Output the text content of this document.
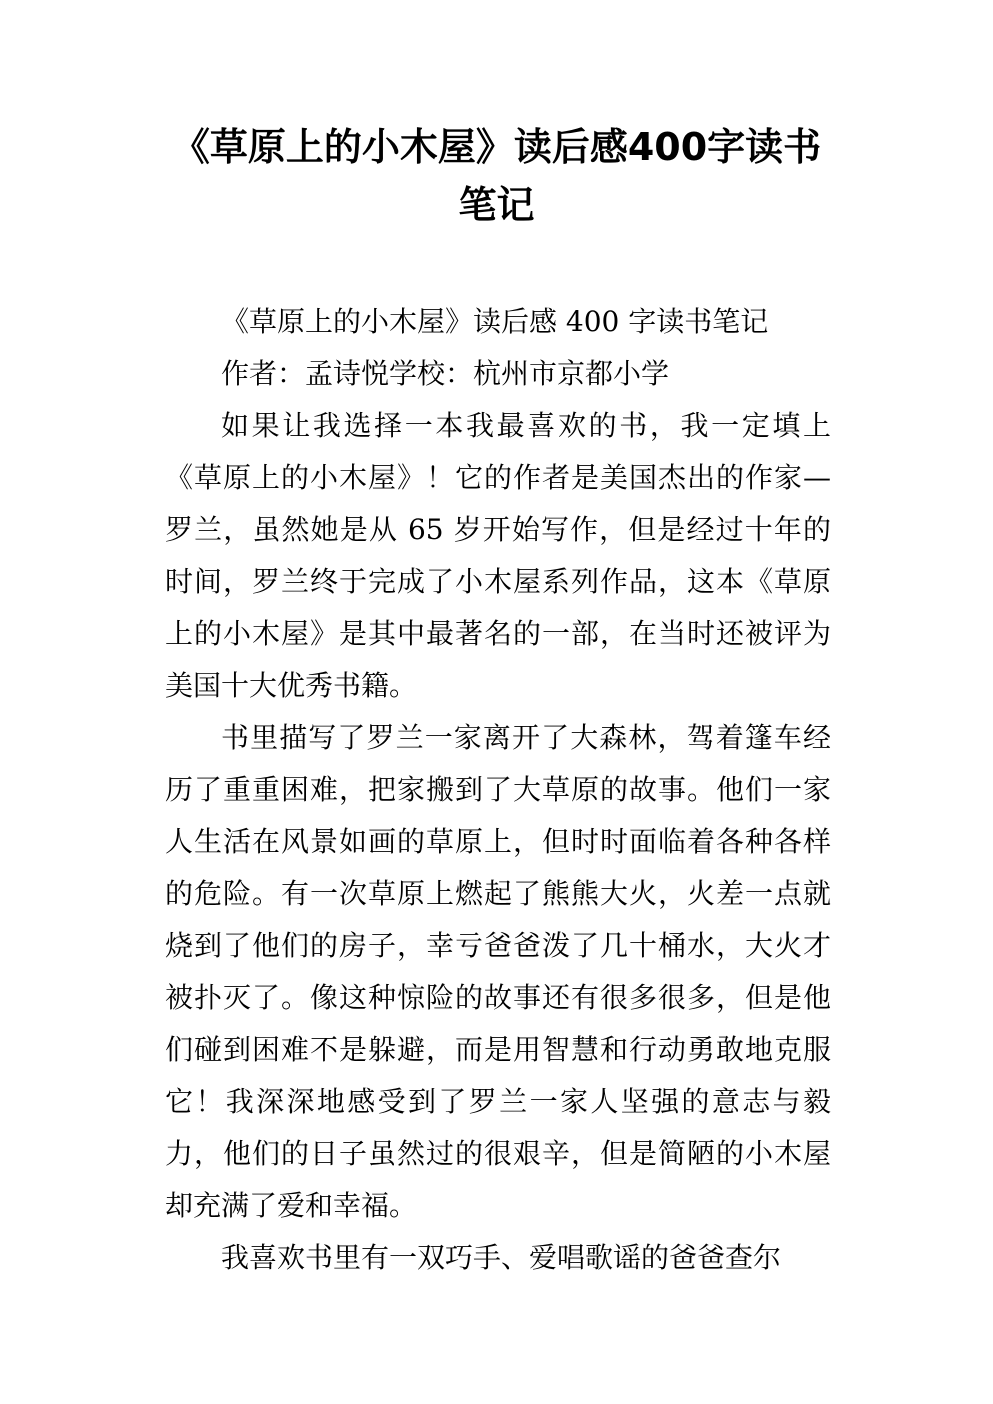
《草原上的小木屋》读后感400字读书笔记

《草原上的小木屋》读后感 400 字读书笔记

作者：孟诗悦学校：杭州市京都小学

如果让我选择一本我最喜欢的书，我一定填上《草原上的小木屋》！它的作者是美国杰出的作家—罗兰，虽然她是从 65 岁开始写作，但是经过十年的时间，罗兰终于完成了小木屋系列作品，这本《草原上的小木屋》是其中最著名的一部，在当时还被评为美国十大优秀书籍。

书里描写了罗兰一家离开了大森林，驾着篷车经历了重重困难，把家搬到了大草原的故事。他们一家人生活在风景如画的草原上，但时时面临着各种各样的危险。有一次草原上燃起了熊熊大火，火差一点就烧到了他们的房子，幸亏爸爸泼了几十桶水，大火才被扑灭了。像这种惊险的故事还有很多很多，但是他们碰到困难不是躲避，而是用智慧和行动勇敢地克服它！我深深地感受到了罗兰一家人坚强的意志与毅力，他们的日子虽然过的很艰辛，但是简陋的小木屋却充满了爱和幸福。

我喜欢书里有一双巧手、爱唱歌谣的爸爸查尔
